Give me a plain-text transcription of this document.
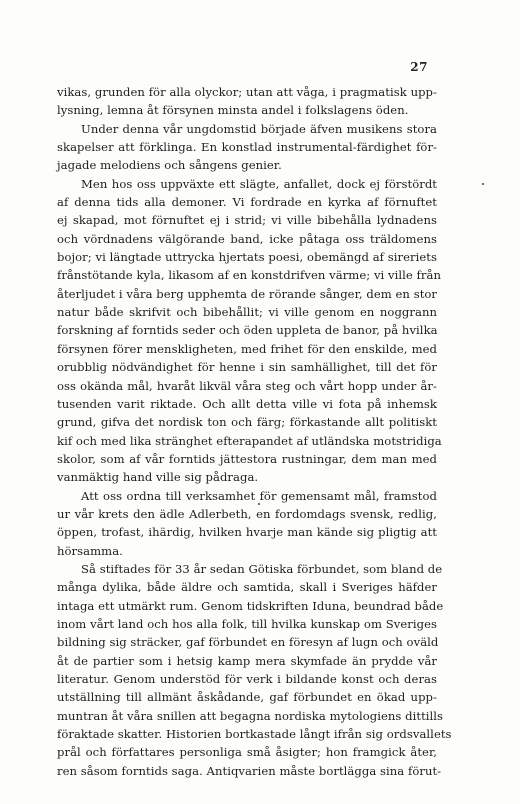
27
vikas, grunden för alla olyckor; utan att våga, i pragmatisk upp-
lysning, lemna åt försynen minsta andel i folkslagens öden.
Under denna vår ungdomstid började äfven musikens stora
skapelser att förklinga. En konstlad instrumental-färdighet för-
jagade melodiens och sångens genier.
Men hos oss uppväxte ett slägte, anfallet, dock ej förstördt
af denna tids alla demoner. Vi fordrade en kyrka af förnuftet
ej skapad, mot förnuftet ej i strid; vi ville bibehålla lydnadens
och vördnadens välgörande band, icke påtaga oss träldomens
bojor; vi längtade uttrycka hjertats poesi, obemängd af sireriets
frånstötande kyla, likasom af en konstdrifven värme; vi ville från
återljudet i våra berg upphemta de rörande sånger, dem en stor
natur både skrifvit och bibehållit; vi ville genom en noggrann
forskning af forntids seder och öden uppleta de banor, på hvilka
försynen förer menskligheten, med frihet för den enskilde, med
orubblig nödvändighet för henne i sin samhällighet, till det för
oss okända mål, hvaråt likväl våra steg och vårt hopp under år-
tusenden varit riktade. Och allt detta ville vi fota på inhemsk
grund, gifva det nordisk ton och färg; förkastande allt politiskt
kif och med lika stränghet efterapandet af utländska motstridiga
skolor, som af vår forntids jättestora rustningar, dem man med
vanmäktig hand ville sig pådraga.
Att oss ordna till verksamhet för gemensamt mål, framstod
ur vår krets den ädle Adlerbeth, en fordomdags svensk, redlig,
öppen, trofast, ihärdig, hvilken hvarje man kände sig pligtig att
hörsamma.
Så stiftades för 33 år sedan Götiska förbundet, som bland de
många dylika, både äldre och samtida, skall i Sveriges häfder
intaga ett utmärkt rum. Genom tidskriften Iduna, beundrad både
inom vårt land och hos alla folk, till hvilka kunskap om Sveriges
bildning sig sträcker, gaf förbundet en föresyn af lugn och oväld
åt de partier som i hetsig kamp mera skymfade än prydde vår
literatur. Genom understöd för verk i bildande konst och deras
utställning till allmänt åskådande, gaf förbundet en ökad upp-
muntran åt våra snillen att begagna nordiska mytologiens dittills
föraktade skatter. Historien bortkastade långt ifrån sig ordsvallets
prål och författares personliga små åsigter; hon framgick åter,
ren såsom forntids saga. Antiqvarien måste bortlägga sina förut-
